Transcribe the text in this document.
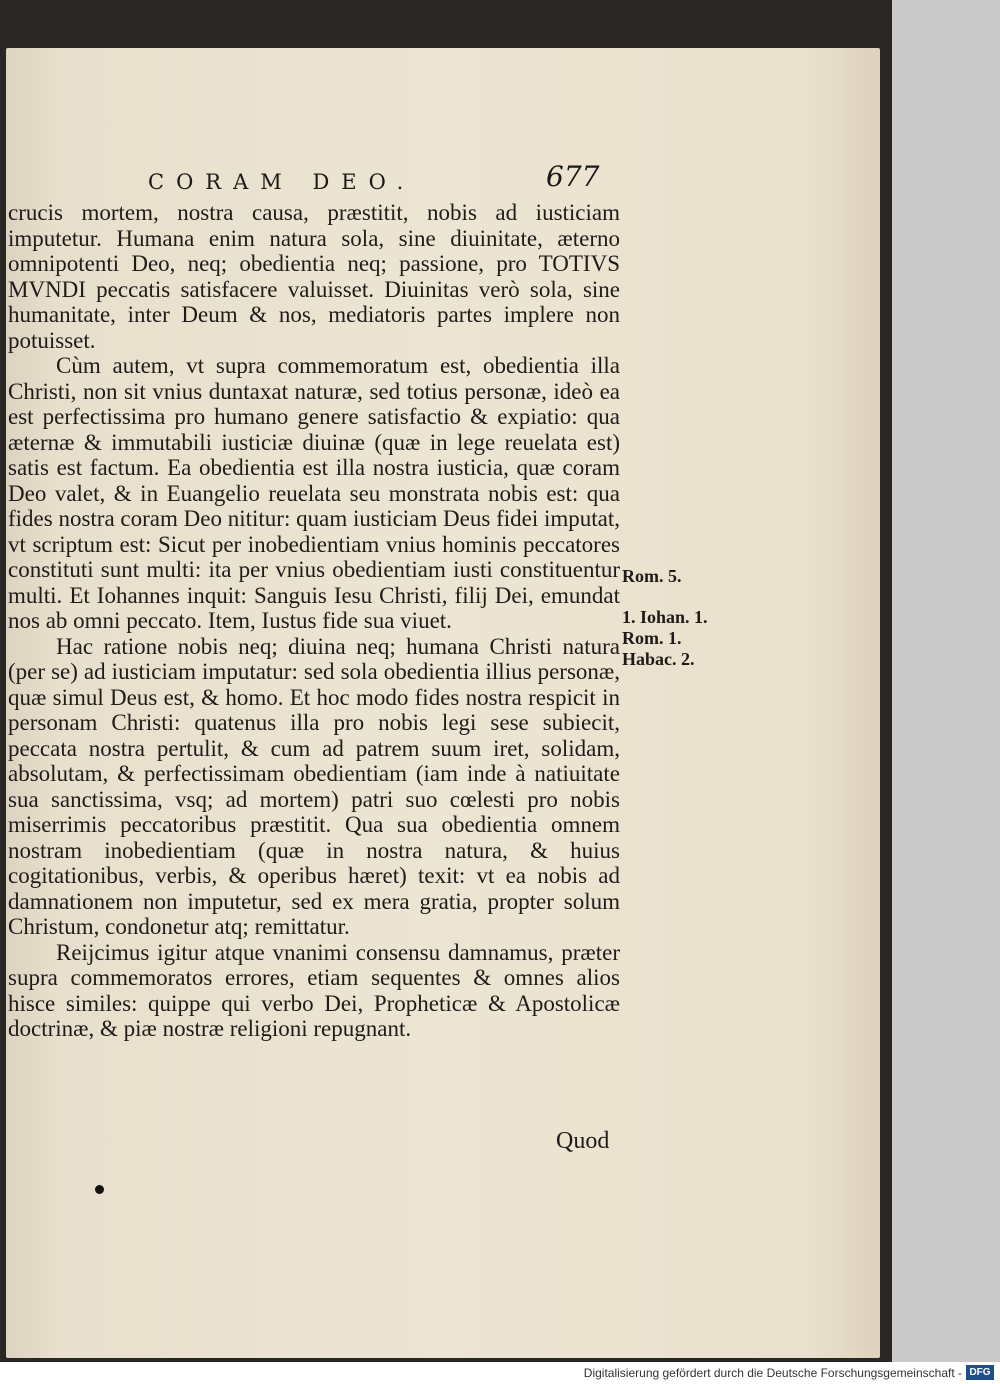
CORAM DEO.	677

crucis mortem, nostra causa, præstitit, nobis ad iusticiam imputetur. Humana enim natura sola, sine diuinitate, æterno omnipotenti Deo, neq; obedientia neq; passione, pro TOTIVS MVNDI peccatis satisfacere valuisset. Diuinitas verò sola, sine humanitate, inter Deum & nos, mediatoris partes implere non potuisset.

Cùm autem, vt supra commemoratum est, obedientia illa Christi, non sit vnius duntaxat naturæ, sed totius personæ, ideò ea est perfectissima pro humano genere satisfactio & expiatio: qua æternæ & immutabili iusticiæ diuinæ (quæ in lege reuelata est) satis est factum. Ea obedientia est illa nostra iusticia, quæ coram Deo valet, & in Euangelio reuelata seu monstrata nobis est: qua fides nostra coram Deo nititur: quam iusticiam Deus fidei imputat, vt scriptum est: Sicut per inobedientiam vnius hominis peccatores constituti sunt multi: ita per vnius obedientiam iusti constituentur multi. Et Iohannes inquit: Sanguis Iesu Christi, filij Dei, emundat nos ab omni peccato. Item, Iustus fide sua viuet.

Hac ratione nobis neq; diuina neq; humana Christi natura (per se) ad iusticiam imputatur: sed sola obedientia illius personæ, quæ simul Deus est, & homo. Et hoc modo fides nostra respicit in personam Christi: quatenus illa pro nobis legi sese subiecit, peccata nostra pertulit, & cum ad patrem suum iret, solidam, absolutam, & perfectissimam obedientiam (iam inde à natiuitate sua sanctissima, vsq; ad mortem) patri suo cœlesti pro nobis miserrimis peccatoribus præstitit. Qua sua obedientia omnem nostram inobedientiam (quæ in nostra natura, & huius cogitationibus, verbis, & operibus hæret) texit: vt ea nobis ad damnationem non imputetur, sed ex mera gratia, propter solum Christum, condonetur atq; remittatur.

Reijcimus igitur atque vnanimi consensu damnamus, præter supra commemoratos errores, etiam sequentes & omnes alios hisce similes: quippe qui verbo Dei, Propheticæ & Apostolicæ doctrinæ, & piæ nostræ religioni repugnant.

Rom. 5.
1. Iohan. 1.
Rom. 1.
Habac. 2.
Quod
Digitalisierung gefördert durch die Deutsche Forschungsgemeinschaft - DFG
